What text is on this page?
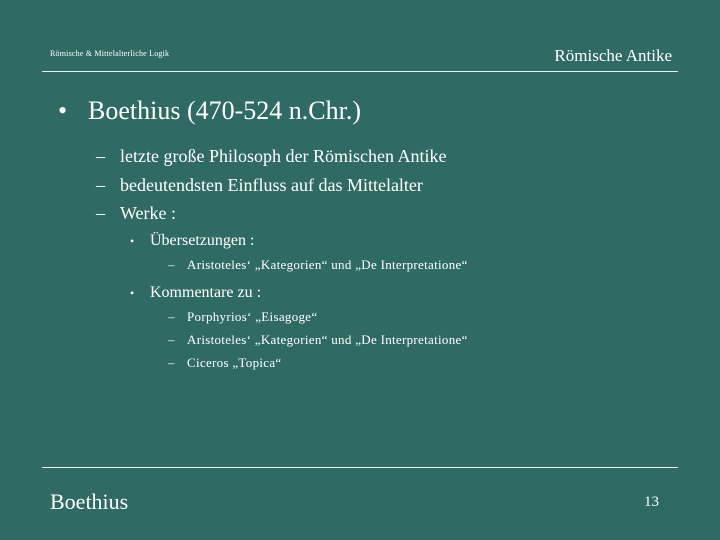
Römische & Mittelalterliche Logik	Römische Antike
• Boethius (470-524 n.Chr.)
– letzte große Philosoph der Römischen Antike
– bedeutendsten Einfluss auf das Mittelalter
– Werke :
• Übersetzungen :
– Aristoteles‘ „Kategorien“ und „De Interpretatione“
• Kommentare zu :
– Porphyrios‘ „Eisagoge“
– Aristoteles‘ „Kategorien“ und „De Interpretatione“
– Ciceros „Topica“
Boethius	13
